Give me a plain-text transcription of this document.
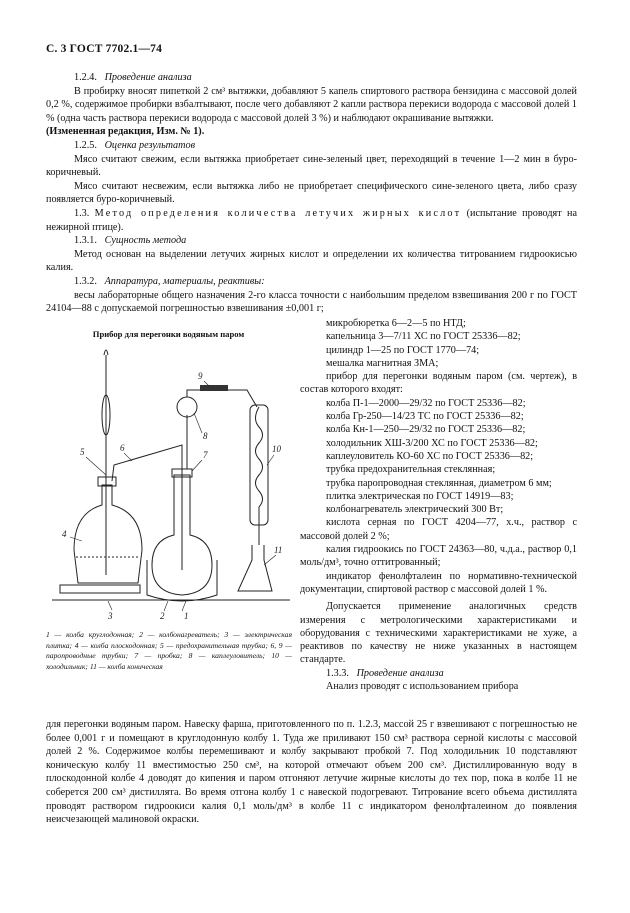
С. 3 ГОСТ 7702.1—74

1.2.4. Проведение анализа

В пробирку вносят пипеткой 2 см³ вытяжки, добавляют 5 капель спиртового раствора бензидина с массовой долей 0,2 %, содержимое пробирки взбалтывают, после чего добавляют 2 капли раствора перекиси водорода с массовой долей 1 % (одна часть раствора перекиси водорода с массовой долей 3 %) и наблюдают окрашивание вытяжки.

(Измененная редакция, Изм. № 1).

1.2.5. Оценка результатов

Мясо считают свежим, если вытяжка приобретает сине-зеленый цвет, переходящий в течение 1—2 мин в буро-коричневый.

Мясо считают несвежим, если вытяжка либо не приобретает специфического сине-зеленого цвета, либо сразу появляется буро-коричневый.

1.3. Метод определения количества летучих жирных кислот (испытание проводят на нежирной птице).

1.3.1. Сущность метода

Метод основан на выделении летучих жирных кислот и определении их количества титрованием гидроокисью калия.

1.3.2. Аппаратура, материалы, реактивы:

весы лабораторные общего назначения 2-го класса точности с наибольшим пределом взвешивания 200 г по ГОСТ 24104—88 с допускаемой погрешностью взвешивания ±0,001 г;

Прибор для перегонки водяным паром
1
2
3
4
5	6
7
8
9
10
11
1 — колба круглодонная; 2 — колбонагреватель; 3 — электрическая плитка; 4 — колба плоскодонная; 5 — предохранительная трубка; 6, 9 — паропроводные трубки; 7 — пробка; 8 — каплеуловитель; 10 — холодильник; 11 — колба коническая

микробюретка 6—2—5 по НТД;

капельница 3—7/11 ХС по ГОСТ 25336—82;

цилиндр 1—25 по ГОСТ 1770—74;

мешалка магнитная ЗМА;

прибор для перегонки водяным паром (см. чертеж), в состав которого входят:

колба П-1—2000—29/32 по ГОСТ 25336—82;

колба Гр-250—14/23 ТС по ГОСТ 25336—82;

колба Кн-1—250—29/32 по ГОСТ 25336—82;

холодильник ХШ-3/200 ХС по ГОСТ 25336—82;

каплеуловитель КО-60 ХС по ГОСТ 25336—82;

трубка предохранительная стеклянная;

трубка паропроводная стеклянная, диаметром 6 мм;

плитка электрическая по ГОСТ 14919—83;

колбонагреватель электрический 300 Вт;

кислота серная по ГОСТ 4204—77, х.ч., раствор с массовой долей 2 %;

калия гидроокись по ГОСТ 24363—80, ч.д.а., раствор 0,1 моль/дм³, точно оттитрованный;

индикатор фенолфталеин по нормативно-технической документации, спиртовой раствор с массовой долей 1 %.

Допускается применение аналогичных средств измерения с метрологическими характеристиками и оборудования с техническими характеристиками не хуже, а реактивов по качеству не ниже указанных в настоящем стандарте.

1.3.3. Проведение анализа

Анализ проводят с использованием прибора

для перегонки водяным паром. Навеску фарша, приготовленного по п. 1.2.3, массой 25 г взвешивают с погрешностью не более 0,001 г и помещают в круглодонную колбу 1. Туда же приливают 150 см³ раствора серной кислоты с массовой долей 2 %. Содержимое колбы перемешивают и колбу закрывают пробкой 7. Под холодильник 10 подставляют коническую колбу 11 вместимостью 250 см³, на которой отмечают объем 200 см³. Дистиллированную воду в плоскодонной колбе 4 доводят до кипения и паром отгоняют летучие жирные кислоты до тех пор, пока в колбе 11 не соберется 200 см³ дистиллята. Во время отгона колбу 1 с навеской подогревают. Титрование всего объема дистиллята проводят раствором гидроокиси калия 0,1 моль/дм³ в колбе 11 с индикатором фенолфталеином до появления неисчезающей малиновой окраски.
